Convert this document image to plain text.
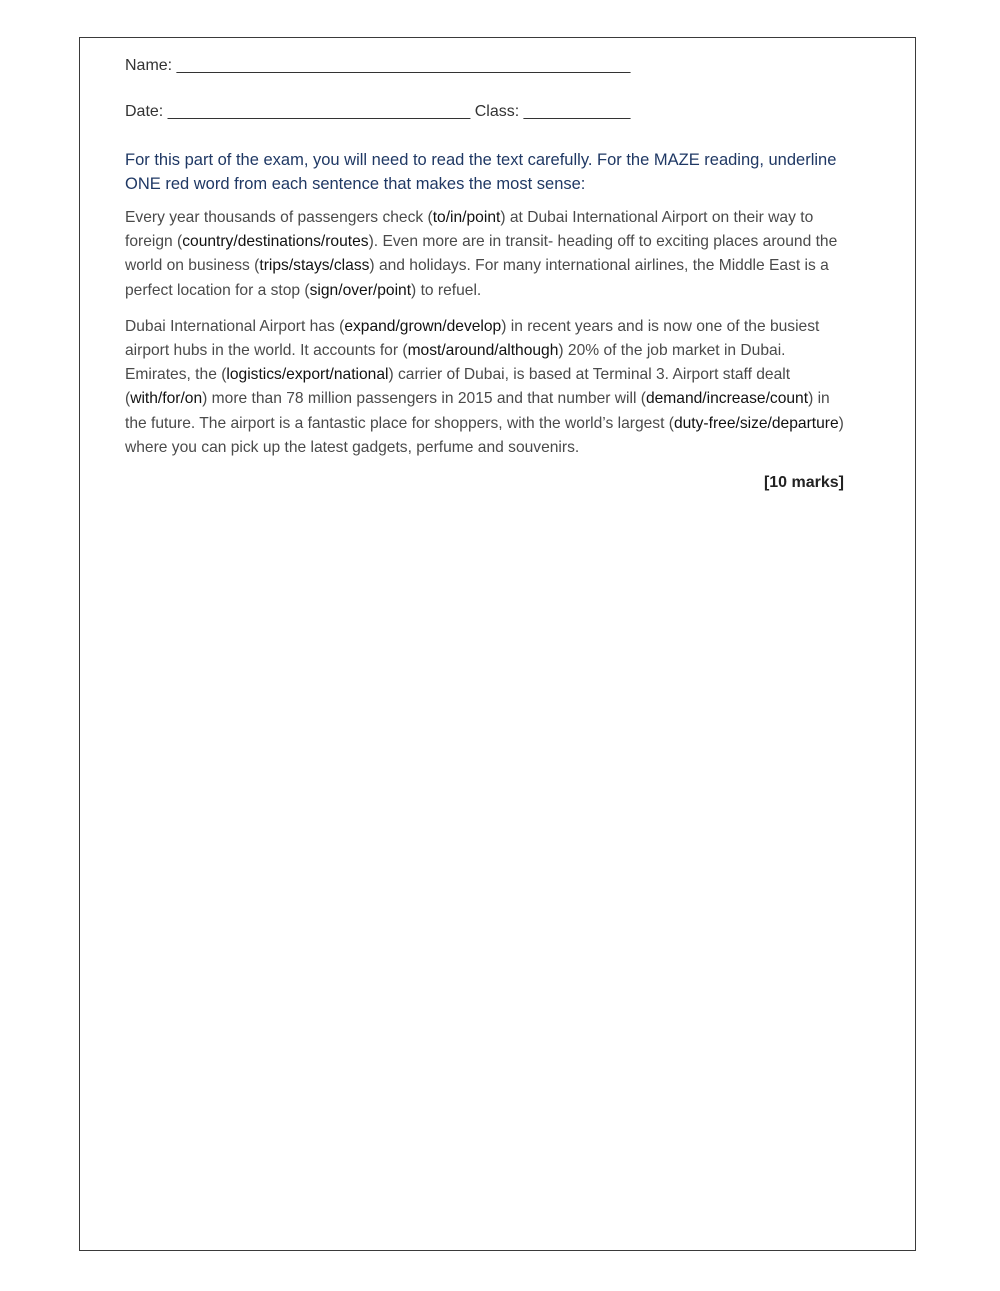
Name: ___________________________________________________
Date: __________________________________ Class: ____________

For this part of the exam, you will need to read the text carefully. For the MAZE reading, underline ONE red word from each sentence that makes the most sense:

Every year thousands of passengers check (to/in/point) at Dubai International Airport on their way to foreign (country/destinations/routes). Even more are in transit- heading off to exciting places around the world on business (trips/stays/class) and holidays. For many international airlines, the Middle East is a perfect location for a stop (sign/over/point) to refuel.

Dubai International Airport has (expand/grown/develop) in recent years and is now one of the busiest airport hubs in the world. It accounts for (most/around/although) 20% of the job market in Dubai. Emirates, the (logistics/export/national) carrier of Dubai, is based at Terminal 3. Airport staff dealt (with/for/on) more than 78 million passengers in 2015 and that number will (demand/increase/count) in the future. The airport is a fantastic place for shoppers, with the world’s largest (duty-free/size/departure) where you can pick up the latest gadgets, perfume and souvenirs.

[10 marks]
